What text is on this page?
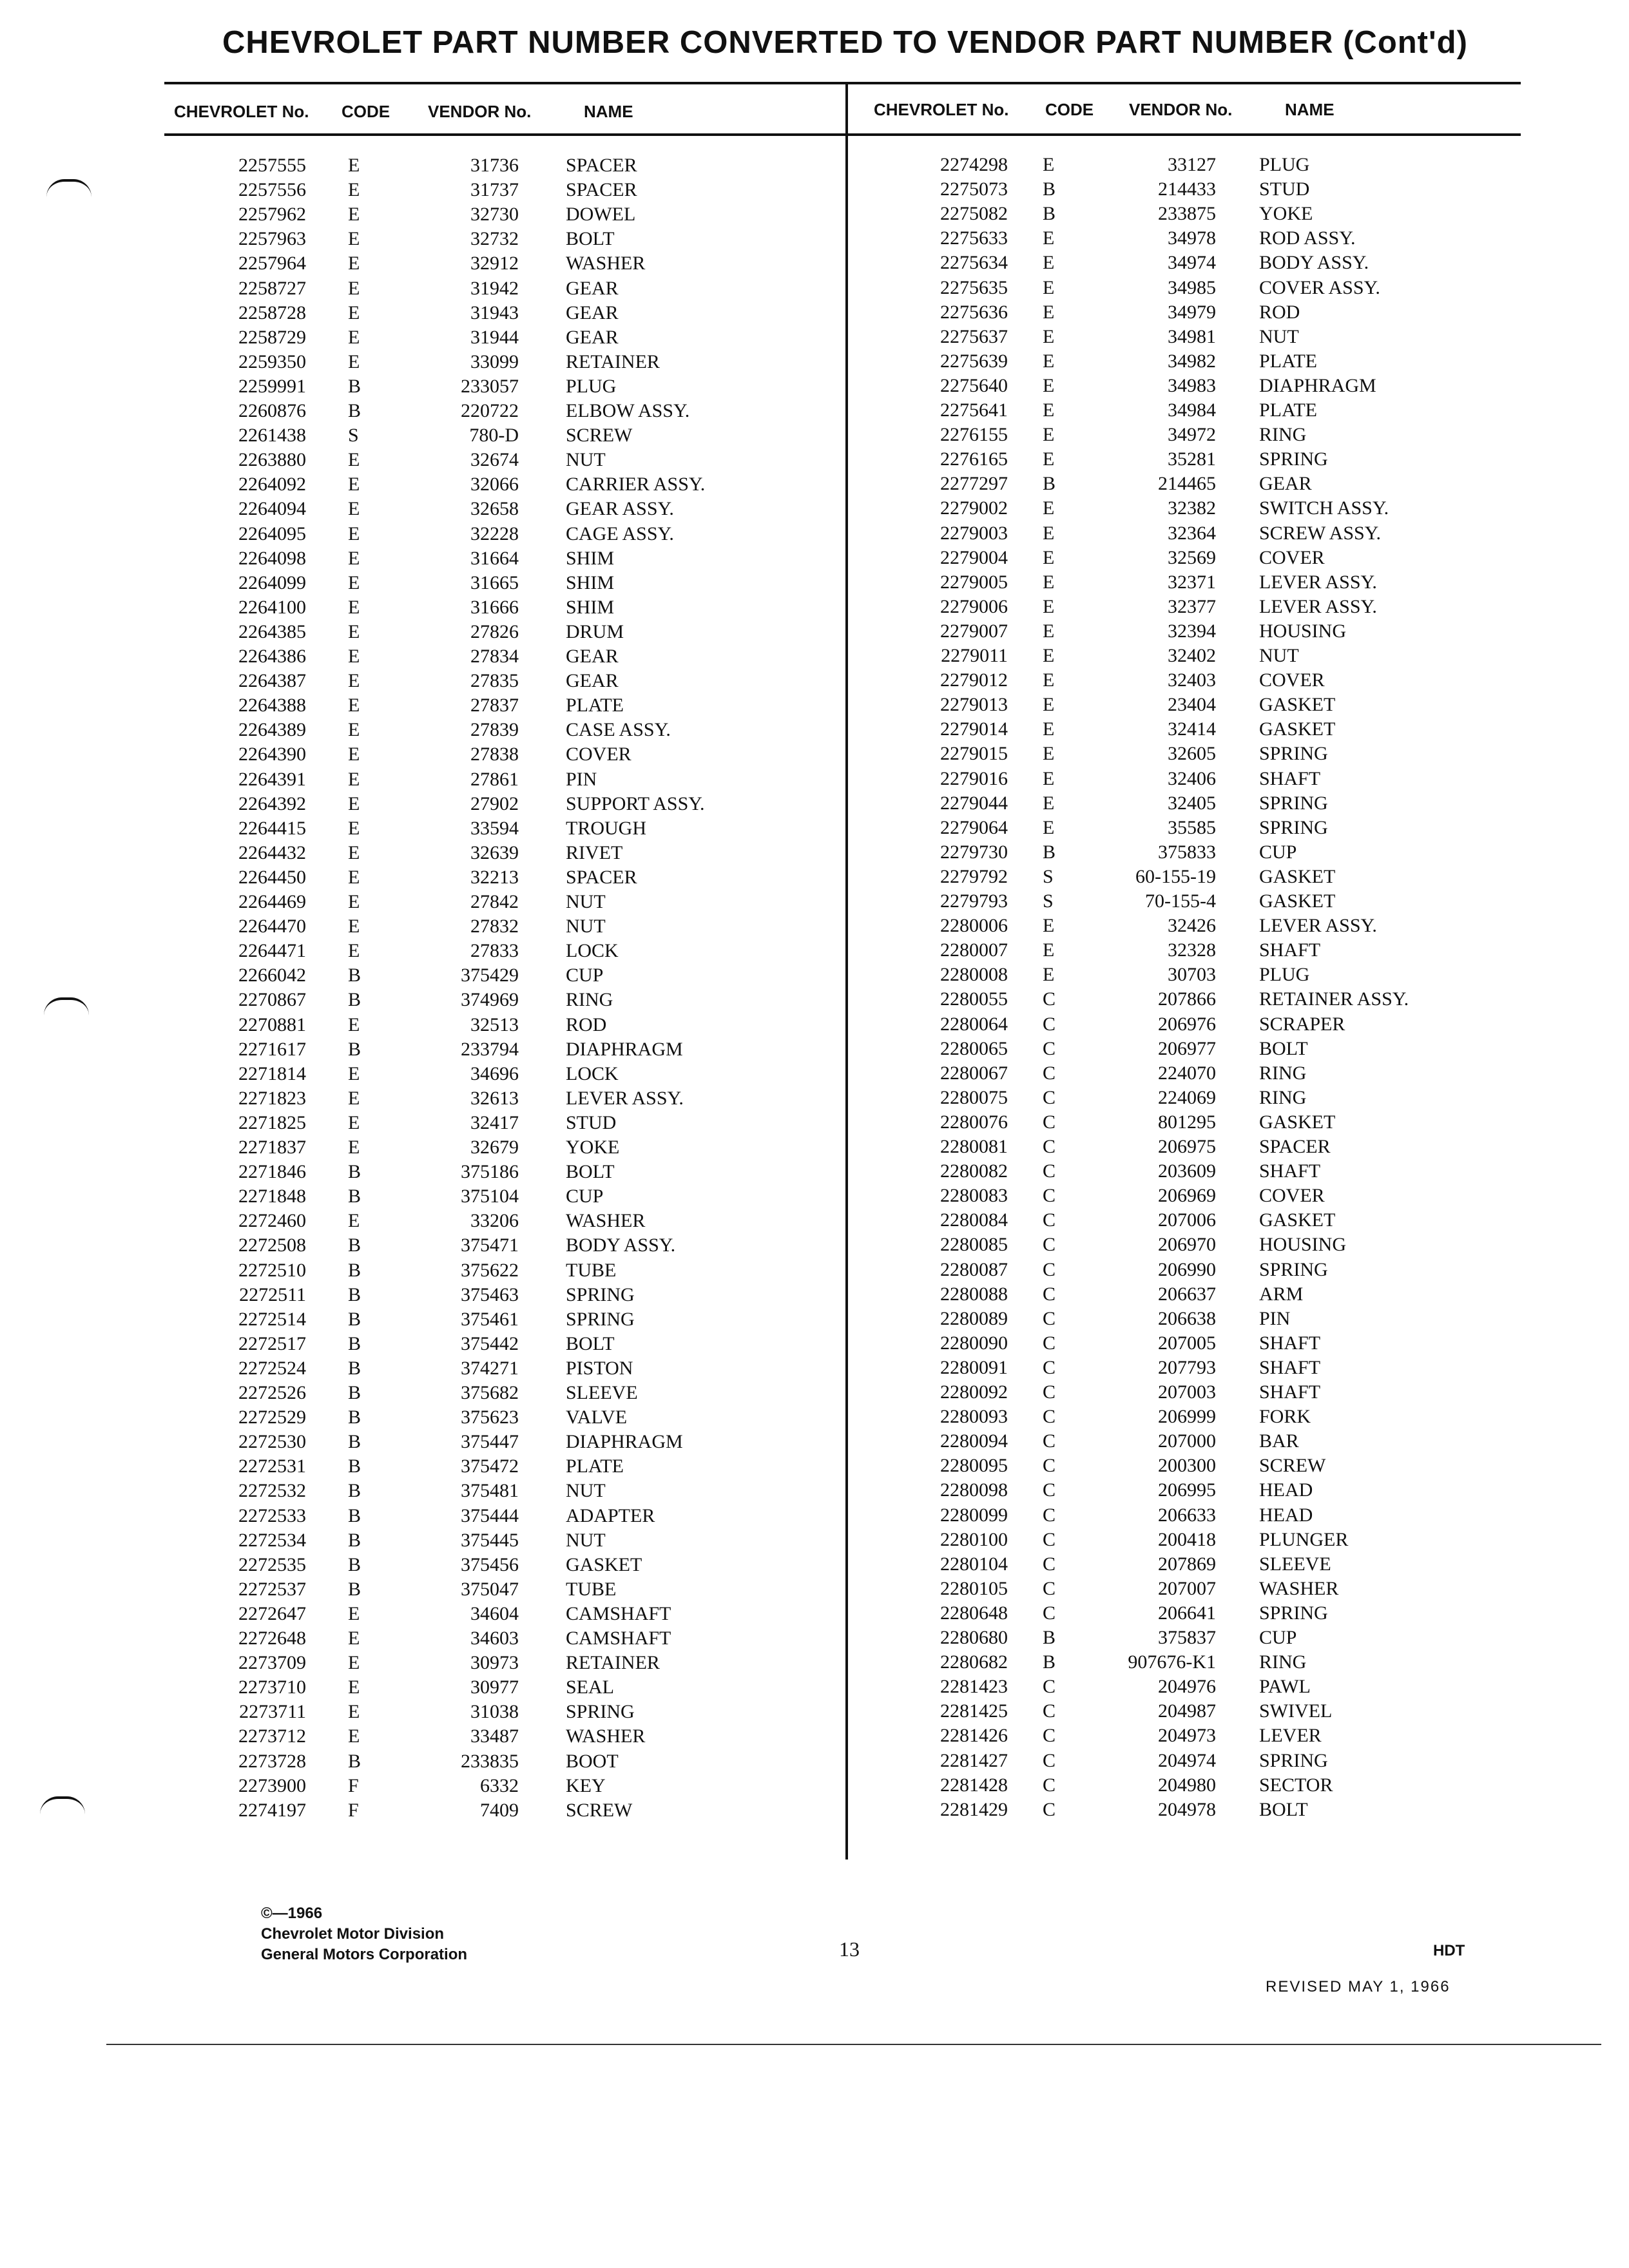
CHEVROLET PART NUMBER CONVERTED TO VENDOR PART NUMBER (Cont'd)
CHEVROLET No. CODE VENDOR No.	NAME	CHEVROLET No. CODE VENDOR No.	NAME
2257555 E	31736 SPACER
2257556 E	31737 SPACER
2257962 E	32730 DOWEL
2257963 E	32732 BOLT
2257964 E	32912 WASHER
2258727 E	31942 GEAR
2258728 E	31943 GEAR
2258729 E	31944 GEAR
2259350 E	33099 RETAINER
2259991 B	233057 PLUG
2260876 B	220722 ELBOW ASSY.
2261438 S	780-D SCREW
2263880 E	32674 NUT
2264092 E	32066 CARRIER ASSY.
2264094 E	32658 GEAR ASSY.
2264095 E	32228 CAGE ASSY.
2264098 E	31664 SHIM
2264099 E	31665 SHIM
2264100 E	31666 SHIM
2264385 E	27826 DRUM
2264386 E	27834 GEAR
2264387 E	27835 GEAR
2264388 E	27837 PLATE
2264389 E	27839 CASE ASSY.
2264390 E	27838 COVER
2264391 E	27861 PIN
2264392 E	27902 SUPPORT ASSY.
2264415 E	33594 TROUGH
2264432 E	32639 RIVET
2264450 E	32213 SPACER
2264469 E	27842 NUT
2264470 E	27832 NUT
2264471 E	27833 LOCK
2266042 B	375429 CUP
2270867 B	374969 RING
2270881 E	32513 ROD
2271617 B	233794 DIAPHRAGM
2271814 E	34696 LOCK
2271823 E	32613 LEVER ASSY.
2271825 E	32417 STUD
2271837 E	32679 YOKE
2271846 B	375186 BOLT
2271848 B	375104 CUP
2272460 E	33206 WASHER
2272508 B	375471 BODY ASSY.
2272510 B	375622 TUBE
2272511 B	375463 SPRING
2272514 B	375461 SPRING
2272517 B	375442 BOLT
2272524 B	374271 PISTON
2272526 B	375682 SLEEVE
2272529 B	375623 VALVE
2272530 B	375447 DIAPHRAGM
2272531 B	375472 PLATE
2272532 B	375481 NUT
2272533 B	375444 ADAPTER
2272534 B	375445 NUT
2272535 B	375456 GASKET
2272537 B	375047 TUBE
2272647 E	34604 CAMSHAFT
2272648 E	34603 CAMSHAFT
2273709 E	30973 RETAINER
2273710 E	30977 SEAL
2273711 E	31038 SPRING
2273712 E	33487 WASHER
2273728 B	233835 BOOT
2273900 F	6332 KEY
2274197 F	7409 SCREW
2274298 E	33127 PLUG
2275073 B	214433 STUD
2275082 B	233875 YOKE
2275633 E	34978 ROD ASSY.
2275634 E	34974 BODY ASSY.
2275635 E	34985 COVER ASSY.
2275636 E	34979 ROD
2275637 E	34981 NUT
2275639 E	34982 PLATE
2275640 E	34983 DIAPHRAGM
2275641 E	34984 PLATE
2276155 E	34972 RING
2276165 E	35281 SPRING
2277297 B	214465 GEAR
2279002 E	32382 SWITCH ASSY.
2279003 E	32364 SCREW ASSY.
2279004 E	32569 COVER
2279005 E	32371 LEVER ASSY.
2279006 E	32377 LEVER ASSY.
2279007 E	32394 HOUSING
2279011 E	32402 NUT
2279012 E	32403 COVER
2279013 E	23404 GASKET
2279014 E	32414 GASKET
2279015 E	32605 SPRING
2279016 E	32406 SHAFT
2279044 E	32405 SPRING
2279064 E	35585 SPRING
2279730 B	375833 CUP
2279792 S	60-155-19 GASKET
2279793 S	70-155-4 GASKET
2280006 E	32426 LEVER ASSY.
2280007 E	32328 SHAFT
2280008 E	30703 PLUG
2280055 C	207866 RETAINER ASSY.
2280064 C	206976 SCRAPER
2280065 C	206977 BOLT
2280067 C	224070 RING
2280075 C	224069 RING
2280076 C	801295 GASKET
2280081 C	206975 SPACER
2280082 C	203609 SHAFT
2280083 C	206969 COVER
2280084 C	207006 GASKET
2280085 C	206970 HOUSING
2280087 C	206990 SPRING
2280088 C	206637 ARM
2280089 C	206638 PIN
2280090 C	207005 SHAFT
2280091 C	207793 SHAFT
2280092 C	207003 SHAFT
2280093 C	206999 FORK
2280094 C	207000 BAR
2280095 C	200300 SCREW
2280098 C	206995 HEAD
2280099 C	206633 HEAD
2280100 C	200418 PLUNGER
2280104 C	207869 SLEEVE
2280105 C	207007 WASHER
2280648 C	206641 SPRING
2280680 B	375837 CUP
2280682 B	907676-K1 RING
2281423 C	204976 PAWL
2281425 C	204987 SWIVEL
2281426 C	204973 LEVER
2281427 C	204974 SPRING
2281428 C	204980 SECTOR
2281429 C	204978 BOLT
©—1966
Chevrolet Motor Division
General Motors Corporation	13	HDT
REVISED MAY 1, 1966
